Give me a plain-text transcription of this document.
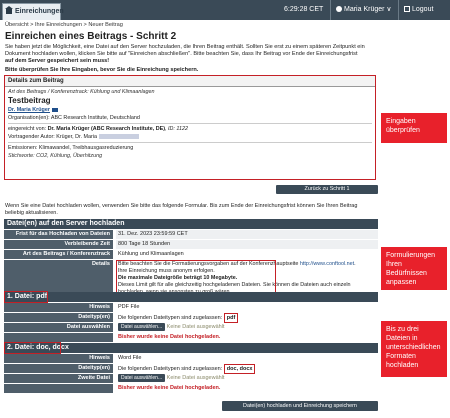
Einreichungen	6:29:28 CET	Maria Krüger ∨	Logout
Übersicht > Ihre Einreichungen > Neuer Beitrag
Einreichen eines Beitrags - Schritt 2
Sie haben jetzt die Möglichkeit, eine Datei auf den Server hochzuladen, die Ihren Beitrag enthält. Sollten Sie erst zu einem späteren Zeitpunkt ein
Dokument hochladen wollen, klicken Sie bitte auf "Einreichen abschließen". Bitte beachten Sie, dass Ihr Beitrag vor Ende der Einreichungsfrist
auf dem Server gespeichert sein muss!
Bitte überprüfen Sie Ihre Eingaben, bevor Sie die Einreichung speichern.
Details zum Beitrag
Art des Beitrags / Konferenztrack: Kühlung und Klimaanlagen
Testbeitrag
Dr. Maria Krüger
Organisation(en): ABC Research Institute, Deutschland
eingereicht von: Dr. Maria Krüger (ABC Research Institute, DE), ID: 1122
Vortragender Autor: Krüger, Dr. Maria
Emissionen: Klimawandel, Treibhausgasreduzierung
Stichworte: CO2, Kühlung, Überhitzung
Eingaben überprüfen
Formulierungen Ihren Bedürfnissen anpassen
Bis zu drei Dateien in unterschiedlichen Formaten hochladen
Zurück zu Schritt 1
Wenn Sie eine Datei hochladen wollen, verwenden Sie bitte das folgende Formular. Bis zum Ende der Einreichungsfrist können Sie Ihren Beitrag
beliebig aktualisieren.
Datei(en) auf den Server hochladen
Frist für das Hochladen von Dateien	31. Dez. 2023 23:59:59 CET
Verbleibende Zeit	800 Tage 18 Stunden
Art des Beitrags / Konferenztrack	Kühlung und Klimaanlagen
Details	Bitte beachten Sie die Formatierungsvorgaben auf der Konferenzhauptseite http://www.conftool.net.
Ihre Einreichung muss anonym erfolgen.
Die maximale Dateigröße beträgt 10 Megabyte.
Dieses Limit gilt für alle gleichzeitig hochgeladenen Dateien. Sie können die Dateien auch einzeln
1. Datei: pdf
Hinweis	PDF File
Dateityp(en)	Die folgenden Dateitypen sind zugelassen: pdf
Datei auswählen	Datei auswählen... Keine Datei ausgewählt
Bisher wurde keine Datei hochgeladen.
2. Datei: doc, docx
Hinweis	Word File
Dateityp(en)	Die folgenden Dateitypen sind zugelassen: doc, docx
Zweite Datei	Datei auswählen... Keine Datei ausgewählt
Bisher wurde keine Datei hochgeladen.
Datei(en) hochladen und Einreichung speichern
